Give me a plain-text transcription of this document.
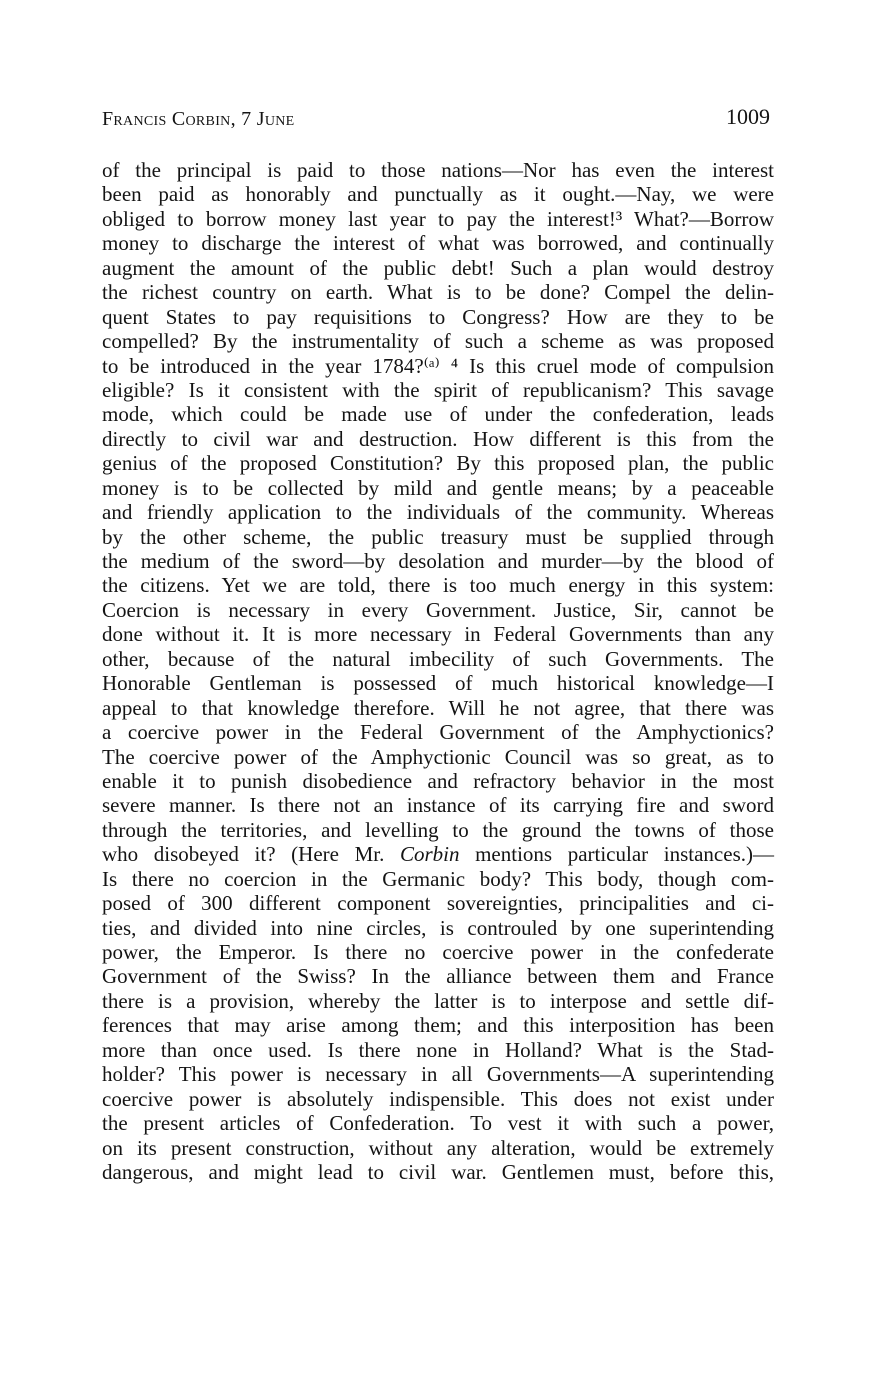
Francis Corbin, 7 June	1009
of the principal is paid to those nations—Nor has even the interest
been paid as honorably and punctually as it ought.—Nay, we were
obliged to borrow money last year to pay the interest!³ What?—Borrow
money to discharge the interest of what was borrowed, and continually
augment the amount of the public debt! Such a plan would destroy
the richest country on earth. What is to be done? Compel the delin-
quent States to pay requisitions to Congress? How are they to be
compelled? By the instrumentality of such a scheme as was proposed
to be introduced in the year 1784?⁽ᵃ⁾ ⁴ Is this cruel mode of compulsion
eligible? Is it consistent with the spirit of republicanism? This savage
mode, which could be made use of under the confederation, leads
directly to civil war and destruction. How different is this from the
genius of the proposed Constitution? By this proposed plan, the public
money is to be collected by mild and gentle means; by a peaceable
and friendly application to the individuals of the community. Whereas
by the other scheme, the public treasury must be supplied through
the medium of the sword—by desolation and murder—by the blood of
the citizens. Yet we are told, there is too much energy in this system:
Coercion is necessary in every Government. Justice, Sir, cannot be
done without it. It is more necessary in Federal Governments than any
other, because of the natural imbecility of such Governments. The
Honorable Gentleman is possessed of much historical knowledge—I
appeal to that knowledge therefore. Will he not agree, that there was
a coercive power in the Federal Government of the Amphyctionics?
The coercive power of the Amphyctionic Council was so great, as to
enable it to punish disobedience and refractory behavior in the most
severe manner. Is there not an instance of its carrying fire and sword
through the territories, and levelling to the ground the towns of those
who disobeyed it? (Here Mr. Corbin mentions particular instances.)—
Is there no coercion in the Germanic body? This body, though com-
posed of 300 different component sovereignties, principalities and ci-
ties, and divided into nine circles, is controuled by one superintending
power, the Emperor. Is there no coercive power in the confederate
Government of the Swiss? In the alliance between them and France
there is a provision, whereby the latter is to interpose and settle dif-
ferences that may arise among them; and this interposition has been
more than once used. Is there none in Holland? What is the Stad-
holder? This power is necessary in all Governments—A superintending
coercive power is absolutely indispensible. This does not exist under
the present articles of Confederation. To vest it with such a power,
on its present construction, without any alteration, would be extremely
dangerous, and might lead to civil war. Gentlemen must, before this,
